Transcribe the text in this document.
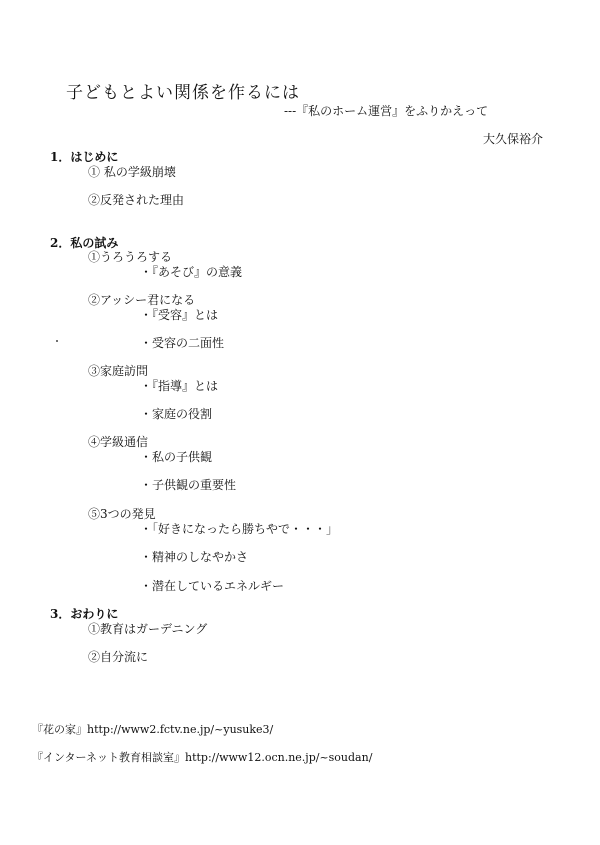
子どもとよい関係を作るには
---『私のホーム運営』をふりかえって
大久保裕介
1．はじめに
① 私の学級崩壊
②反発された理由
2．私の試み
①うろうろする
・『あそび』の意義
②アッシー君になる
・『受容』とは
・受容の二面性
③家庭訪問
・『指導』とは
・家庭の役割
④学級通信
・私の子供観
・子供観の重要性
⑤3つの発見
・「好きになったら勝ちやで・・・」
・精神のしなやかさ
・潜在しているエネルギー
3．おわりに
①教育はガーデニング
②自分流に
『花の家』http://www2.fctv.ne.jp/~yusuke3/
『インターネット教育相談室』http://www12.ocn.ne.jp/~soudan/
